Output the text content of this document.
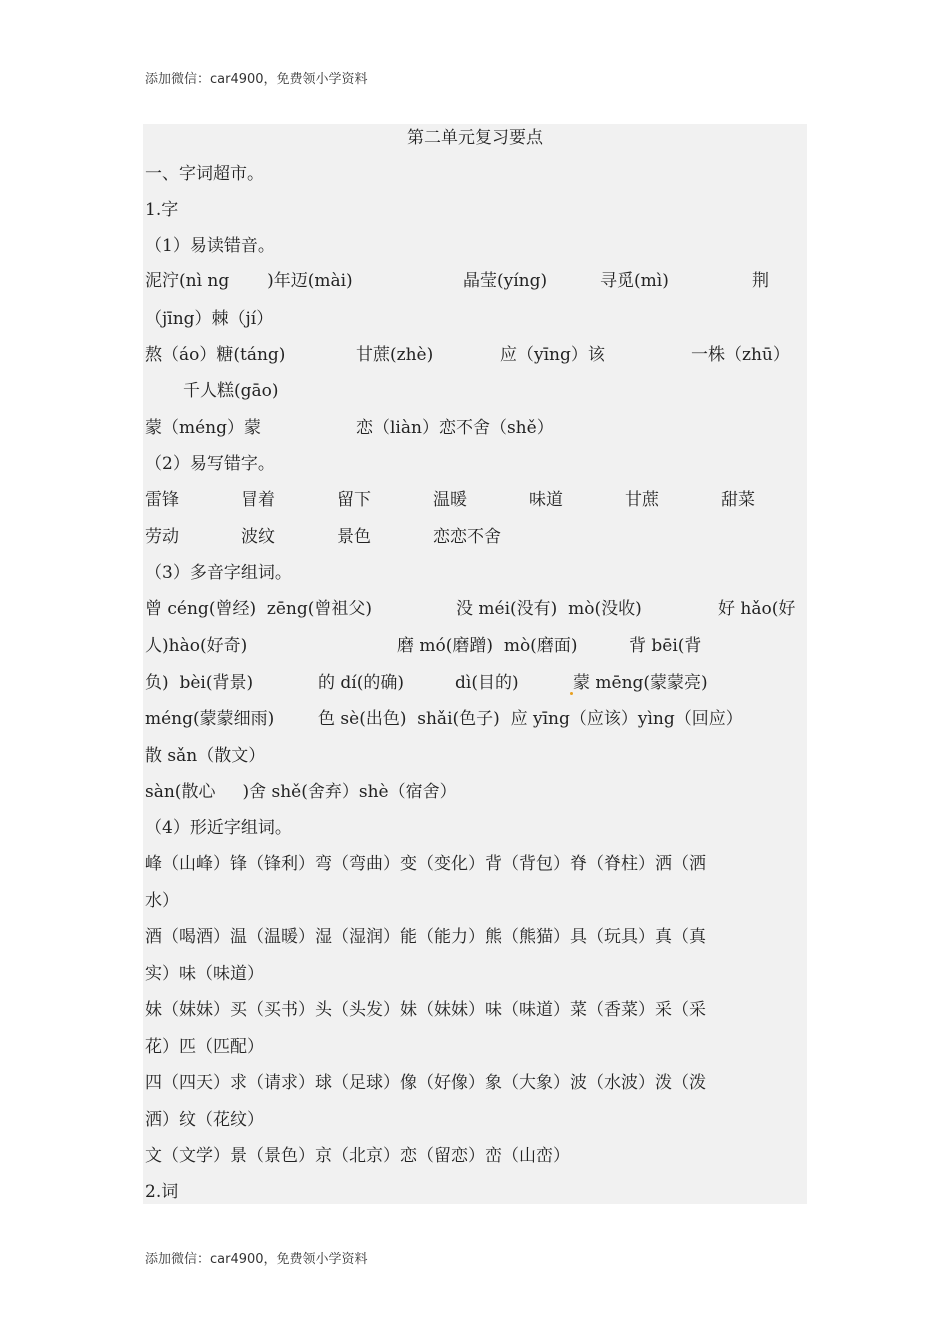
添加微信：car4900，免费领小学资料
第二单元复习要点
一、字词超市。
1.字
（1）易读错音。

泥泞(nì ng       )年迈(mài)

	晶莹(yíng)

	寻觅(mì)

	荆

（jīng）棘（jí）

熬（áo）糖(táng)

	甘蔗(zhè)

	应（yīng）该

	一株（zhū）

千人糕(gāo)

蒙（méng）蒙

	恋（liàn）恋不舍（shě）

（2）易写错字。

雷锋

	冒着

	留下

	温暖

	味道

	甘蔗

	甜菜

劳动

	波纹

	景色

	恋恋不舍

（3）多音字组词。

曾 céng(曾经)  zēng(曾祖父)

	没 méi(没有)  mò(没收)

	好 hǎo(好

人)hào(好奇)

	磨 mó(磨蹭)  mò(磨面)

	背 bēi(背

负)  bèi(背景)

	的 dí(的确)

	dì(目的)

	蒙 mēng(蒙蒙亮)

méng(蒙蒙细雨)

	色 sè(出色)  shǎi(色子)  应 yīng（应该）yìng（回应）

散 sǎn（散文）
sàn(散心     )舍 shě(舍弃）shè（宿舍）
（4）形近字组词。
峰（山峰）锋（锋利）弯（弯曲）变（变化）背（背包）脊（脊柱）洒（洒
水）
酒（喝酒）温（温暖）湿（湿润）能（能力）熊（熊猫）具（玩具）真（真
实）味（味道）
妹（妹妹）买（买书）头（头发）妹（妹妹）味（味道）菜（香菜）采（采
花）匹（匹配）
四（四天）求（请求）球（足球）像（好像）象（大象）波（水波）泼（泼
洒）纹（花纹）
文（文学）景（景色）京（北京）恋（留恋）峦（山峦）
2.词
添加微信：car4900，免费领小学资料
